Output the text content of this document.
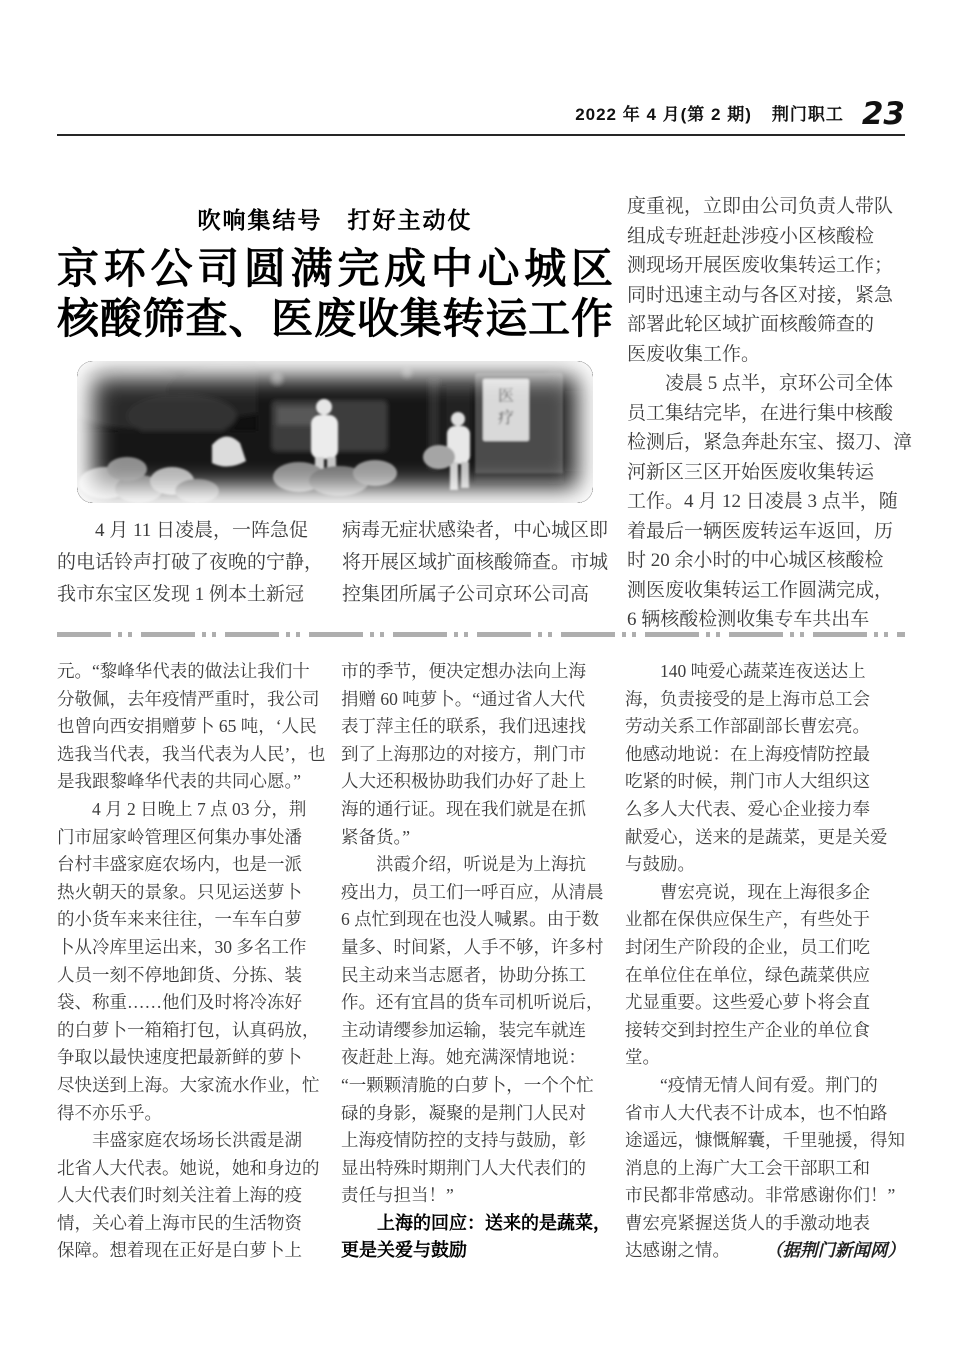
2022 年 4 月(第 2 期) 荆门职工 23
吹响集结号　打好主动仗
京环公司圆满完成中心城区
核酸筛查、医废收集转运工作
医
疗
　　4 月 11 日凌晨，一阵急促
的电话铃声打破了夜晚的宁静，
我市东宝区发现 1 例本土新冠
病毒无症状感染者，中心城区即
将开展区域扩面核酸筛查。市城
控集团所属子公司京环公司高
度重视，立即由公司负责人带队
组成专班赶赴涉疫小区核酸检
测现场开展医废收集转运工作；
同时迅速主动与各区对接，紧急
部署此轮区域扩面核酸筛查的
医废收集工作。
　　凌晨 5 点半，京环公司全体
员工集结完毕，在进行集中核酸
检测后，紧急奔赴东宝、掇刀、漳
河新区三区开始医废收集转运
工作。4 月 12 日凌晨 3 点半，随
着最后一辆医废转运车返回，历
时 20 余小时的中心城区核酸检
测医废收集转运工作圆满完成，
6 辆核酸检测收集专车共出车
元。“黎峰华代表的做法让我们十
分敬佩，去年疫情严重时，我公司
也曾向西安捐赠萝卜 65 吨，‘人民
选我当代表，我当代表为人民’，也
是我跟黎峰华代表的共同心愿。”
　　4 月 2 日晚上 7 点 03 分，荆
门市屈家岭管理区何集办事处潘
台村丰盛家庭农场内，也是一派
热火朝天的景象。只见运送萝卜
的小货车来来往往，一车车白萝
卜从冷库里运出来，30 多名工作
人员一刻不停地卸货、分拣、装
袋、称重……他们及时将冷冻好
的白萝卜一箱箱打包，认真码放，
争取以最快速度把最新鲜的萝卜
尽快送到上海。大家流水作业，忙
得不亦乐乎。
　　丰盛家庭农场场长洪霞是湖
北省人大代表。她说，她和身边的
人大代表们时刻关注着上海的疫
情，关心着上海市民的生活物资
保障。想着现在正好是白萝卜上
市的季节，便决定想办法向上海
捐赠 60 吨萝卜。“通过省人大代
表丁萍主任的联系，我们迅速找
到了上海那边的对接方，荆门市
人大还积极协助我们办好了赴上
海的通行证。现在我们就是在抓
紧备货。”
　　洪霞介绍，听说是为上海抗
疫出力，员工们一呼百应，从清晨
6 点忙到现在也没人喊累。由于数
量多、时间紧，人手不够，许多村
民主动来当志愿者，协助分拣工
作。还有宜昌的货车司机听说后，
主动请缨参加运输，装完车就连
夜赶赴上海。她充满深情地说：
“一颗颗清脆的白萝卜，一个个忙
碌的身影，凝聚的是荆门人民对
上海疫情防控的支持与鼓励，彰
显出特殊时期荆门人大代表们的
责任与担当！”
　　上海的回应：送来的是蔬菜，
更是关爱与鼓励
　　140 吨爱心蔬菜连夜送达上
海，负责接受的是上海市总工会
劳动关系工作部副部长曹宏亮。
他感动地说：在上海疫情防控最
吃紧的时候，荆门市人大组织这
么多人大代表、爱心企业接力奉
献爱心，送来的是蔬菜，更是关爱
与鼓励。
　　曹宏亮说，现在上海很多企
业都在保供应保生产，有些处于
封闭生产阶段的企业，员工们吃
在单位住在单位，绿色蔬菜供应
尤显重要。这些爱心萝卜将会直
接转交到封控生产企业的单位食
堂。
　　“疫情无情人间有爱。荆门的
省市人大代表不计成本，也不怕路
途遥远，慷慨解囊，千里驰援，得知
消息的上海广大工会干部职工和
市民都非常感动。非常感谢你们！”
曹宏亮紧握送货人的手激动地表
达感谢之情。 （据荆门新闻网）
